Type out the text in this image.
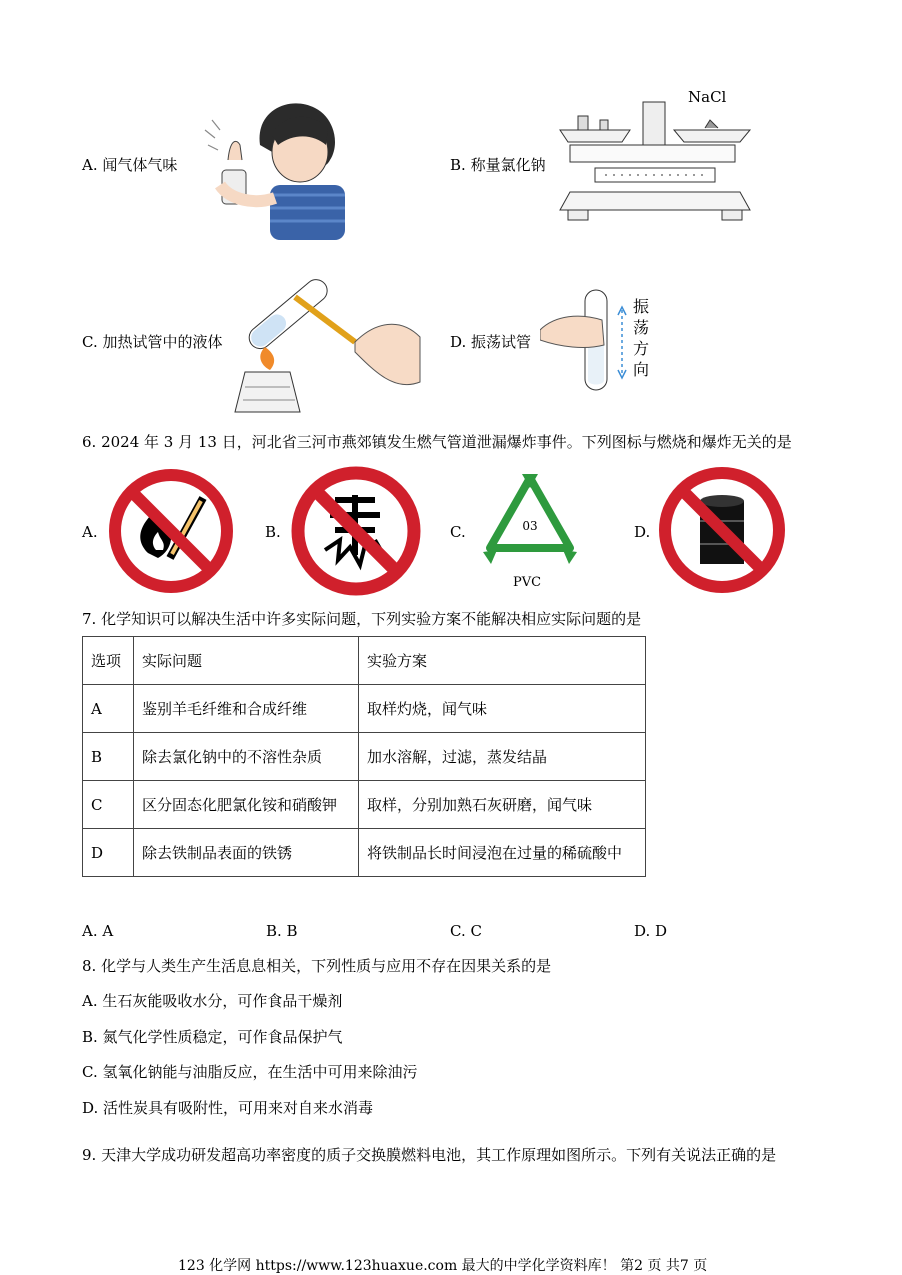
A. 闻气体气味	B. 称量氯化钠
NaCl
C. 加热试管中的液体	D. 振荡试管
振
荡
方
向
6. 2024 年 3 月 13 日，河北省三河市燕郊镇发生燃气管道泄漏爆炸事件。下列图标与燃烧和爆炸无关的是
A.	B.	C.	03
PVC
D.
7. 化学知识可以解决生活中许多实际问题，下列实验方案不能解决相应实际问题的是
选项	实际问题	实验方案
A	鉴别羊毛纤维和合成纤维	取样灼烧，闻气味
B	除去氯化钠中的不溶性杂质	加水溶解，过滤，蒸发结晶
C	区分固态化肥氯化铵和硝酸钾	取样，分别加熟石灰研磨，闻气味
D	除去铁制品表面的铁锈	将铁制品长时间浸泡在过量的稀硫酸中
A. A	B. B	C. C	D. D
8. 化学与人类生产生活息息相关，下列性质与应用不存在因果关系的是
A. 生石灰能吸收水分，可作食品干燥剂
B. 氮气化学性质稳定，可作食品保护气
C. 氢氧化钠能与油脂反应，在生活中可用来除油污
D. 活性炭具有吸附性，可用来对自来水消毒
9. 天津大学成功研发超高功率密度的质子交换膜燃料电池，其工作原理如图所示。下列有关说法正确的是
123 化学网 https://www.123huaxue.com 最大的中学化学资料库！ 第2 页 共7 页
